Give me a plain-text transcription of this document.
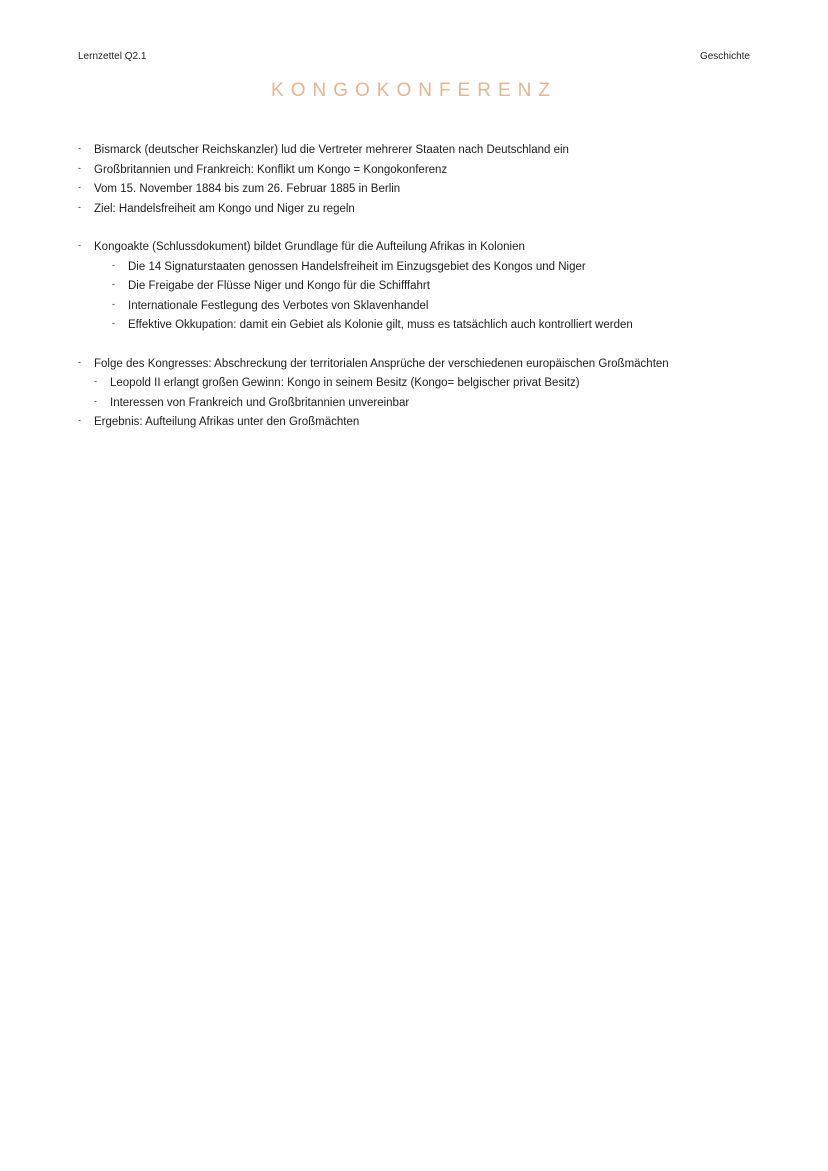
Lernzettel Q2.1	Geschichte
KONGOKONFERENZ
- Bismarck (deutscher Reichskanzler) lud die Vertreter mehrerer Staaten nach Deutschland ein
- Großbritannien und Frankreich: Konflikt um Kongo = Kongokonferenz
- Vom 15. November 1884 bis zum 26. Februar 1885 in Berlin
- Ziel: Handelsfreiheit am Kongo und Niger zu regeln
- Kongoakte (Schlussdokument) bildet Grundlage für die Aufteilung Afrikas in Kolonien
- Die 14 Signaturstaaten genossen Handelsfreiheit im Einzugsgebiet des Kongos und Niger
- Die Freigabe der Flüsse Niger und Kongo für die Schifffahrt
- Internationale Festlegung des Verbotes von Sklavenhandel
- Effektive Okkupation: damit ein Gebiet als Kolonie gilt, muss es tatsächlich auch kontrolliert werden
- Folge des Kongresses: Abschreckung der territorialen Ansprüche der verschiedenen europäischen Großmächten
- Leopold II erlangt großen Gewinn: Kongo in seinem Besitz (Kongo= belgischer privat Besitz)
- Interessen von Frankreich und Großbritannien unvereinbar
- Ergebnis: Aufteilung Afrikas unter den Großmächten
